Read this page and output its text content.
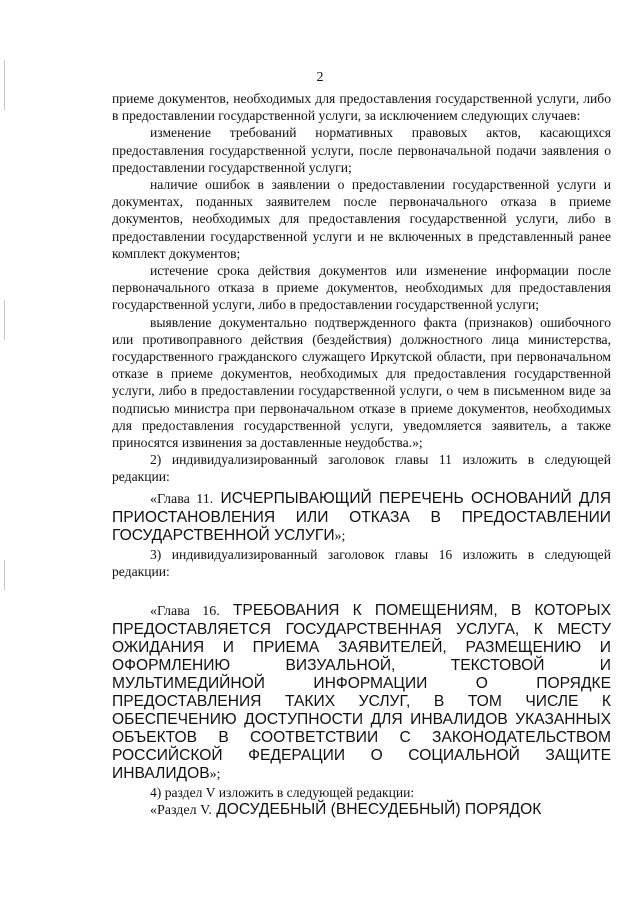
2

приеме документов, необходимых для предоставления государственной услуги, либо в предоставлении государственной услуги, за исключением следующих случаев:

изменение требований нормативных правовых актов, касающихся предоставления государственной услуги, после первоначальной подачи заявления о предоставлении государственной услуги;

наличие ошибок в заявлении о предоставлении государственной услуги и документах, поданных заявителем после первоначального отказа в приеме документов, необходимых для предоставления государственной услуги, либо в предоставлении государственной услуги и не включенных в представленный ранее комплект документов;

истечение срока действия документов или изменение информации после первоначального отказа в приеме документов, необходимых для предоставления государственной услуги, либо в предоставлении государственной услуги;

выявление документально подтвержденного факта (признаков) ошибочного или противоправного действия (бездействия) должностного лица министерства, государственного гражданского служащего Иркутской области, при первоначальном отказе в приеме документов, необходимых для предоставления государственной услуги, либо в предоставлении государственной услуги, о чем в письменном виде за подписью министра при первоначальном отказе в приеме документов, необходимых для предоставления государственной услуги, уведомляется заявитель, а также приносятся извинения за доставленные неудобства.»;

2) индивидуализированный заголовок главы 11 изложить в следующей редакции:

«Глава 11. ИСЧЕРПЫВАЮЩИЙ ПЕРЕЧЕНЬ ОСНОВАНИЙ ДЛЯ ПРИОСТАНОВЛЕНИЯ ИЛИ ОТКАЗА В ПРЕДОСТАВЛЕНИИ ГОСУДАРСТВЕННОЙ УСЛУГИ»;

3) индивидуализированный заголовок главы 16 изложить в следующей редакции:

«Глава 16. ТРЕБОВАНИЯ К ПОМЕЩЕНИЯМ, В КОТОРЫХ ПРЕДОСТАВЛЯЕТСЯ ГОСУДАРСТВЕННАЯ УСЛУГА, К МЕСТУ ОЖИДАНИЯ И ПРИЕМА ЗАЯВИТЕЛЕЙ, РАЗМЕЩЕНИЮ И ОФОРМЛЕНИЮ ВИЗУАЛЬНОЙ, ТЕКСТОВОЙ И МУЛЬТИМЕДИЙНОЙ ИНФОРМАЦИИ О ПОРЯДКЕ ПРЕДОСТАВЛЕНИЯ ТАКИХ УСЛУГ, В ТОМ ЧИСЛЕ К ОБЕСПЕЧЕНИЮ ДОСТУПНОСТИ ДЛЯ ИНВАЛИДОВ УКАЗАННЫХ ОБЪЕКТОВ В СООТВЕТСТВИИ С ЗАКОНОДАТЕЛЬСТВОМ РОССИЙСКОЙ ФЕДЕРАЦИИ О СОЦИАЛЬНОЙ ЗАЩИТЕ ИНВАЛИДОВ»;

4) раздел V изложить в следующей редакции:

«Раздел V. ДОСУДЕБНЫЙ (ВНЕСУДЕБНЫЙ) ПОРЯДОК
